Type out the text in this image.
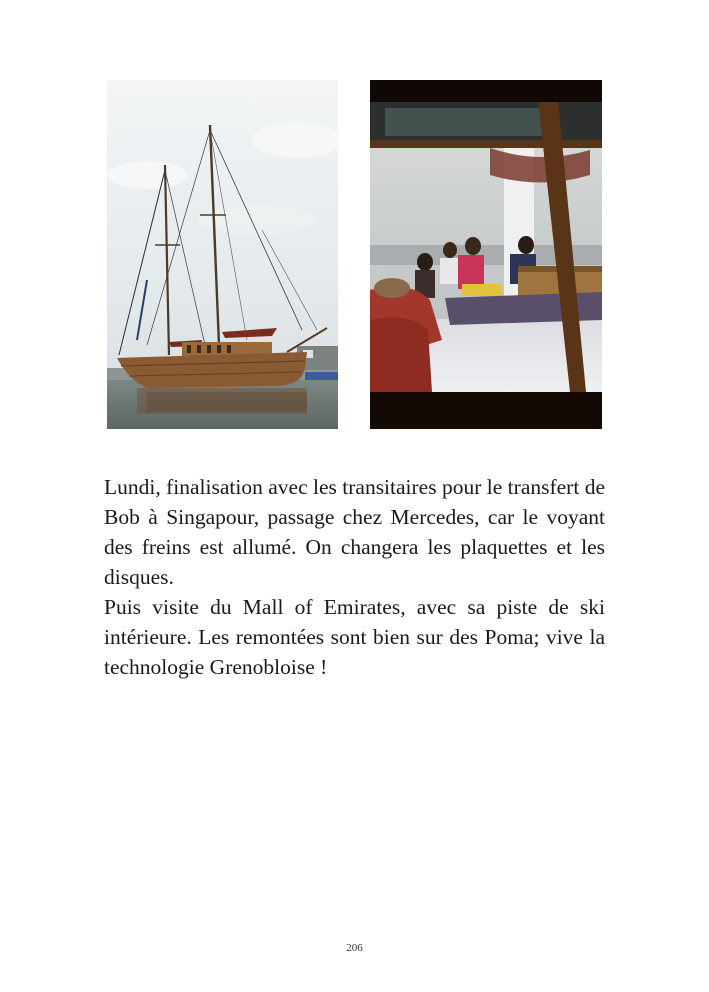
Lundi, finalisation avec les transitaires pour le transfert de Bob à Singapour, passage chez Mercedes, car le voyant des freins est allumé. On changera les plaquettes et les disques.

Puis visite du Mall of Emirates, avec sa piste de ski intérieure. Les remontées sont bien sur des Poma; vive la technologie Grenobloise !

206
